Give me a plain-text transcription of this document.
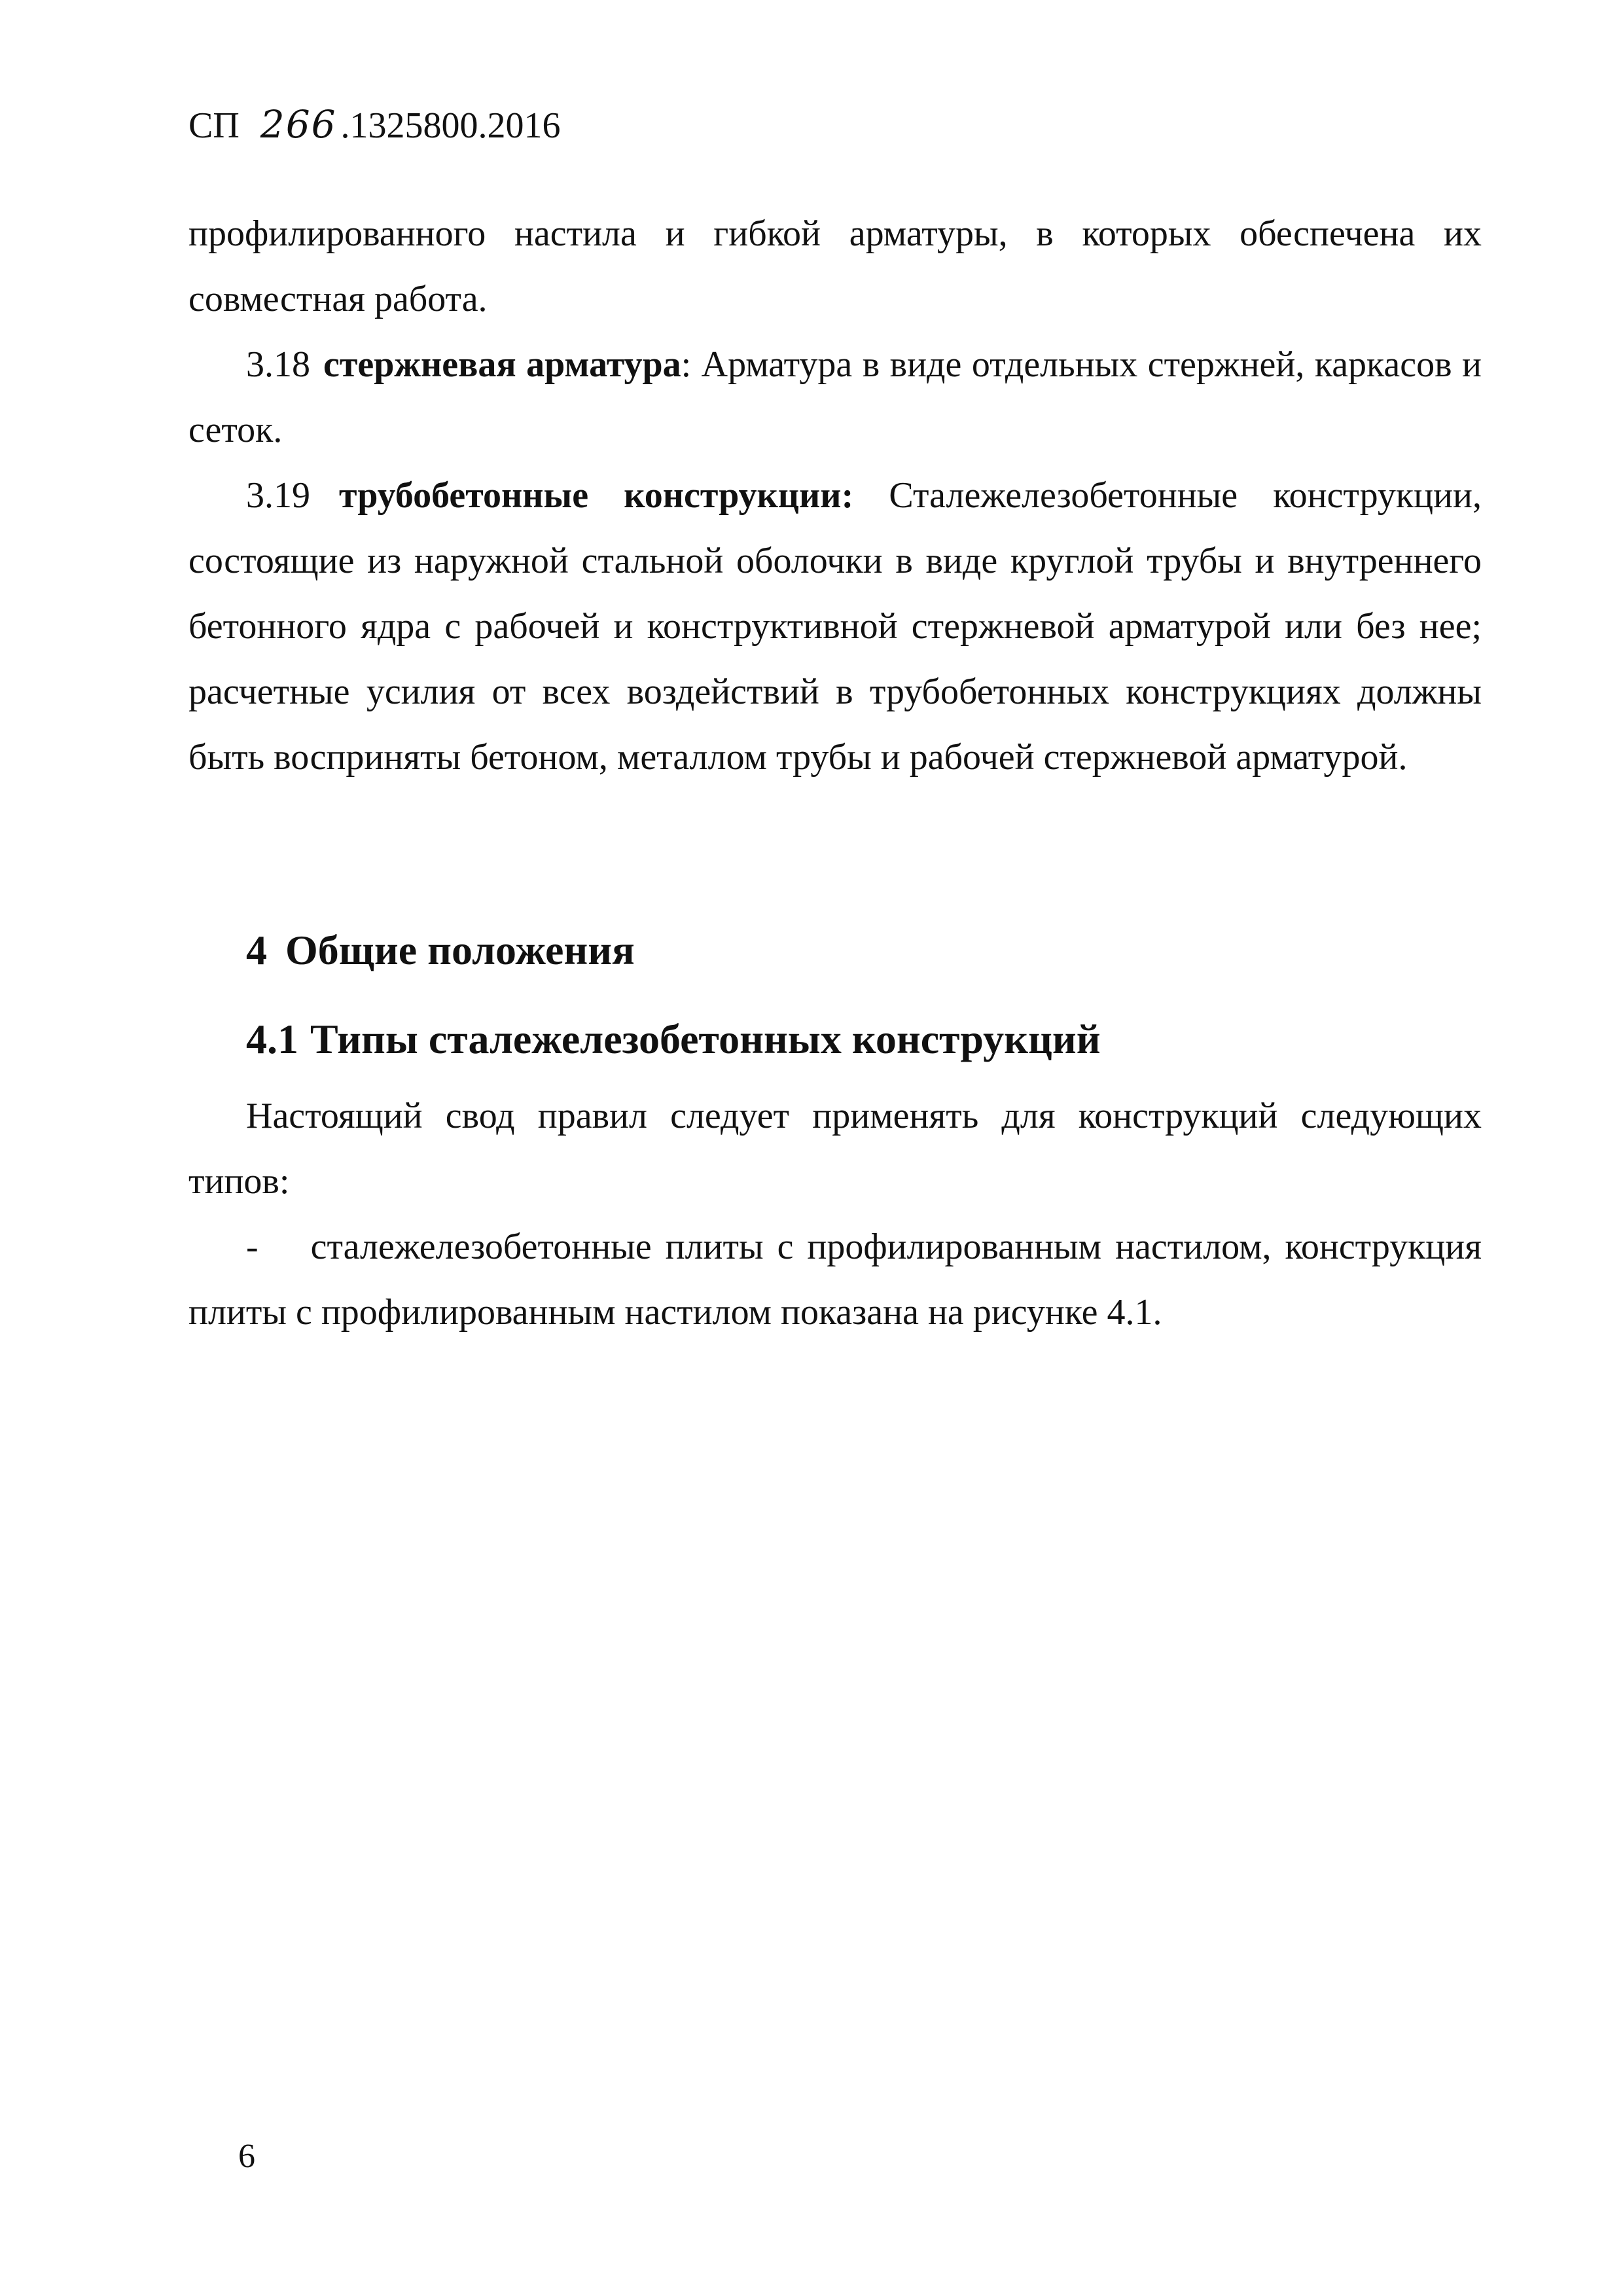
СП 266 .1325800.2016
профилированного настила и гибкой арматуры, в которых обеспечена их совместная работа.
3.18 стержневая арматура: Арматура в виде отдельных стержней, каркасов и сеток.
3.19 трубобетонные конструкции: Сталежелезобетонные конструкции, состоящие из наружной стальной оболочки в виде круглой трубы и внутреннего бетонного ядра с рабочей и конструктивной стержневой арматурой или без нее; расчетные усилия от всех воздействий в трубобетонных конструкциях должны быть восприняты бетоном, металлом трубы и рабочей стержневой арматурой.
4 Общие положения
4.1 Типы сталежелезобетонных конструкций
Настоящий свод правил следует применять для конструкций следующих типов:
- сталежелезобетонные плиты с профилированным настилом, конструкция плиты с профилированным настилом показана на рисунке 4.1.
6
